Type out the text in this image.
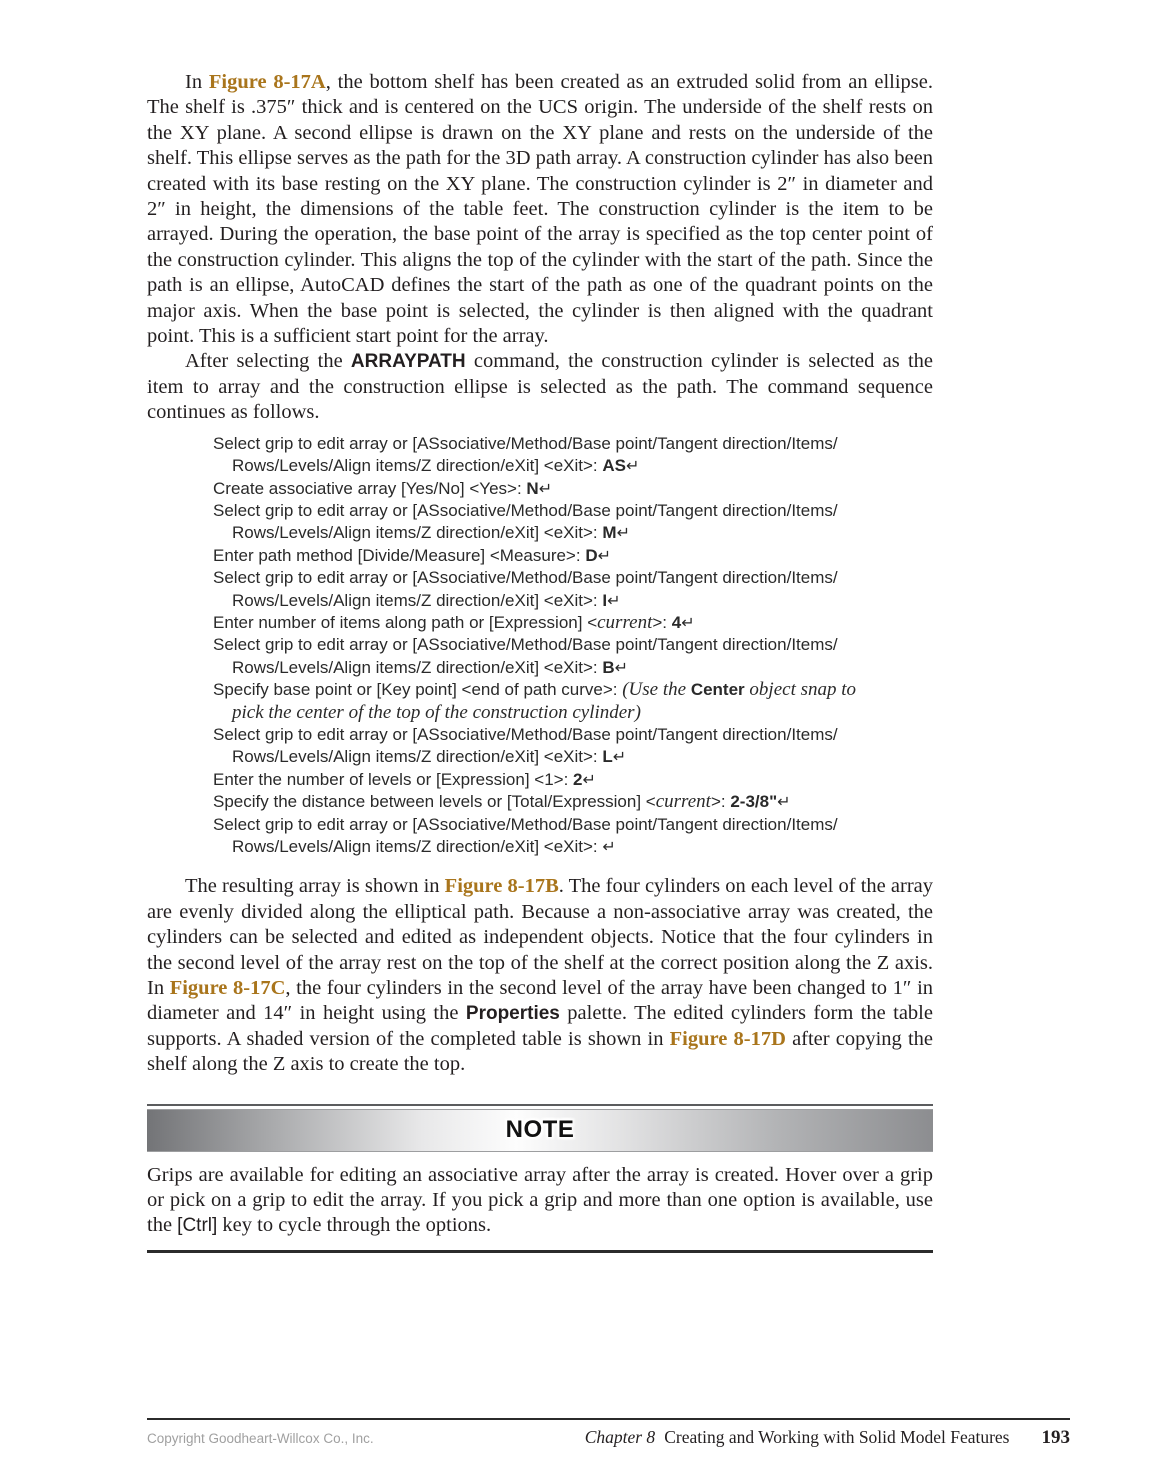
In Figure 8-17A, the bottom shelf has been created as an extruded solid from an ellipse. The shelf is .375″ thick and is centered on the UCS origin. The underside of the shelf rests on the XY plane. A second ellipse is drawn on the XY plane and rests on the underside of the shelf. This ellipse serves as the path for the 3D path array. A construction cylinder has also been created with its base resting on the XY plane. The construction cylinder is 2″ in diameter and 2″ in height, the dimensions of the table feet. The construction cylinder is the item to be arrayed. During the operation, the base point of the array is specified as the top center point of the construction cylinder. This aligns the top of the cylinder with the start of the path. Since the path is an ellipse, AutoCAD defines the start of the path as one of the quadrant points on the major axis. When the base point is selected, the cylinder is then aligned with the quadrant point. This is a sufficient start point for the array.

After selecting the ARRAYPATH command, the construction cylinder is selected as the item to array and the construction ellipse is selected as the path. The command sequence continues as follows.

Select grip to edit array or [ASsociative/Method/Base point/Tangent direction/Items/
Rows/Levels/Align items/Z direction/eXit] <eXit>: AS↵
Create associative array [Yes/No] <Yes>: N↵
Select grip to edit array or [ASsociative/Method/Base point/Tangent direction/Items/
Rows/Levels/Align items/Z direction/eXit] <eXit>: M↵
Enter path method [Divide/Measure] <Measure>: D↵
Select grip to edit array or [ASsociative/Method/Base point/Tangent direction/Items/
Rows/Levels/Align items/Z direction/eXit] <eXit>: I↵
Enter number of items along path or [Expression] <current>: 4↵
Select grip to edit array or [ASsociative/Method/Base point/Tangent direction/Items/
Rows/Levels/Align items/Z direction/eXit] <eXit>: B↵
Specify base point or [Key point] <end of path curve>: (Use the Center object snap to
pick the center of the top of the construction cylinder)
Select grip to edit array or [ASsociative/Method/Base point/Tangent direction/Items/
Rows/Levels/Align items/Z direction/eXit] <eXit>: L↵
Enter the number of levels or [Expression] <1>: 2↵
Specify the distance between levels or [Total/Expression] <current>: 2-3/8"↵
Select grip to edit array or [ASsociative/Method/Base point/Tangent direction/Items/
Rows/Levels/Align items/Z direction/eXit] <eXit>: ↵

The resulting array is shown in Figure 8-17B. The four cylinders on each level of the array are evenly divided along the elliptical path. Because a non-associative array was created, the cylinders can be selected and edited as independent objects. Notice that the four cylinders in the second level of the array rest on the top of the shelf at the correct position along the Z axis. In Figure 8-17C, the four cylinders in the second level of the array have been changed to 1″ in diameter and 14″ in height using the Properties palette. The edited cylinders form the table supports. A shaded version of the completed table is shown in Figure 8-17D after copying the shelf along the Z axis to create the top.

NOTE

Grips are available for editing an associative array after the array is created. Hover over a grip or pick on a grip to edit the array. If you pick a grip and more than one option is available, use the [Ctrl] key to cycle through the options.

Copyright Goodheart-Willcox Co., Inc.	Chapter 8 Creating and Working with Solid Model Features 193
